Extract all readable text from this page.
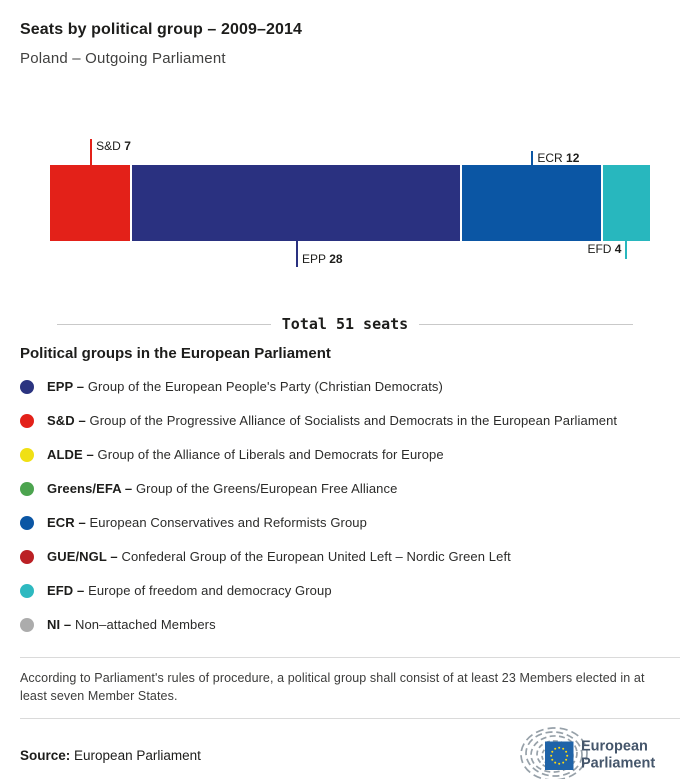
Seats by political group – 2009–2014
Poland – Outgoing Parliament
S&D 7
EPP 28
ECR 12
EFD 4
Total 51 seats
Political groups in the European Parliament
EPP – Group of the European People's Party (Christian Democrats)
S&D – Group of the Progressive Alliance of Socialists and Democrats in the European Parliament
ALDE – Group of the Alliance of Liberals and Democrats for Europe
Greens/EFA – Group of the Greens/European Free Alliance
ECR – European Conservatives and Reformists Group
GUE/NGL – Confederal Group of the European United Left – Nordic Green Left
EFD – Europe of freedom and democracy Group
NI – Non–attached Members
According to Parliament's rules of procedure, a political group shall consist of at least 23 Members elected in at least seven Member States.
Source: European Parliament
European
Parliament
